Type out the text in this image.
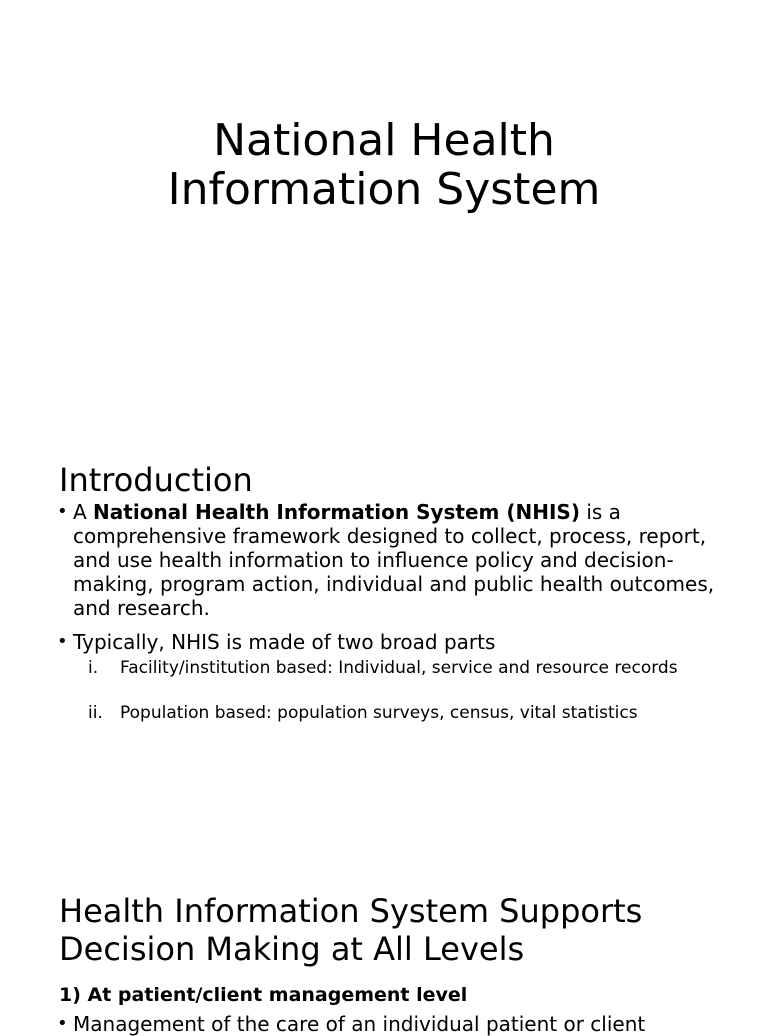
National Health
Information System
Introduction
• A National Health Information System (NHIS) is a comprehensive framework designed to collect, process, report, and use health information to influence policy and decision-making, program action, individual and public health outcomes, and research.
• Typically, NHIS is made of two broad parts
i. Facility/institution based: Individual, service and resource records
ii. Population based: population surveys, census, vital statistics
Health Information System Supports
Decision Making at All Levels
1) At patient/client management level
• Management of the care of an individual patient or client
